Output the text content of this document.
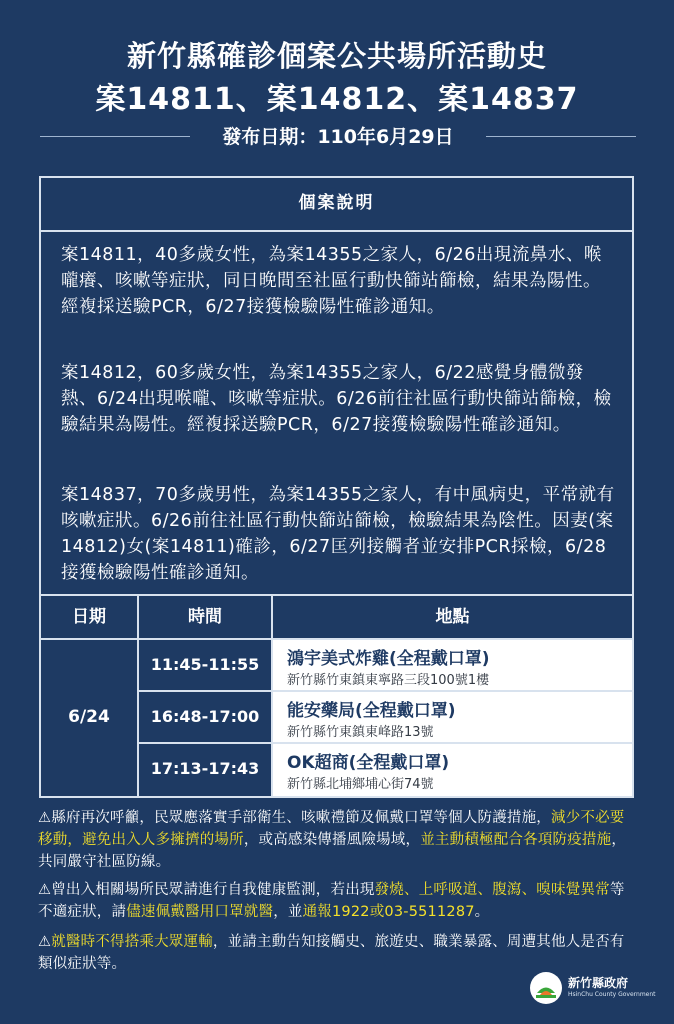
新竹縣確診個案公共場所活動史
案14811、案14812、案14837
發布日期：110年6月29日
個案說明
案14811，40多歲女性，為案14355之家人，6/26出現流鼻水、喉嚨癢、咳嗽等症狀，同日晚間至社區行動快篩站篩檢，結果為陽性。經複採送驗PCR，6/27接獲檢驗陽性確診通知。
案14812，60多歲女性，為案14355之家人，6/22感覺身體微發熱、6/24出現喉嚨、咳嗽等症狀。6/26前往社區行動快篩站篩檢，檢驗結果為陽性。經複採送驗PCR，6/27接獲檢驗陽性確診通知。
案14837，70多歲男性，為案14355之家人，有中風病史，平常就有咳嗽症狀。6/26前往社區行動快篩站篩檢，檢驗結果為陰性。因妻(案14812)女(案14811)確診，6/27匡列接觸者並安排PCR採檢，6/28接獲檢驗陽性確診通知。
日期	時間	地點
6/24
11:45-11:55	鴻宇美式炸雞(全程戴口罩)
新竹縣竹東鎮東寧路三段100號1樓
16:48-17:00	能安藥局(全程戴口罩)
新竹縣竹東鎮東峰路13號
17:13-17:43	OK超商(全程戴口罩)
新竹縣北埔鄉埔心街74號
⚠縣府再次呼籲，民眾應落實手部衛生、咳嗽禮節及佩戴口罩等個人防護措施，減少不必要移動，避免出入人多擁擠的場所，或高感染傳播風險場域，並主動積極配合各項防疫措施，共同嚴守社區防線。
⚠曾出入相關場所民眾請進行自我健康監測，若出現發燒、上呼吸道、腹瀉、嗅味覺異常等不適症狀，請儘速佩戴醫用口罩就醫，並通報1922或03-5511287。
⚠就醫時不得搭乘大眾運輸，並請主動告知接觸史、旅遊史、職業暴露、周遭其他人是否有類似症狀等。
新竹縣政府
HsinChu County Government
